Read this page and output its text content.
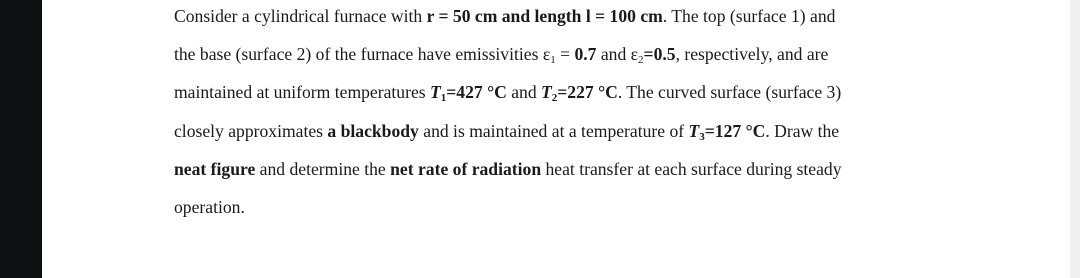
Consider a cylindrical furnace with r = 50 cm and length l = 100 cm. The top (surface 1) and
the base (surface 2) of the furnace have emissivities $\varepsilon_1 = 0.7$ and $\varepsilon_2=0.5$, respectively, and are
maintained at uniform temperatures $T_1=427$ °C and $T_2=227$ °C. The curved surface (surface 3)
closely approximates a blackbody and is maintained at a temperature of $T_3=127$ °C. Draw the
neat figure and determine the net rate of radiation heat transfer at each surface during steady
operation.
